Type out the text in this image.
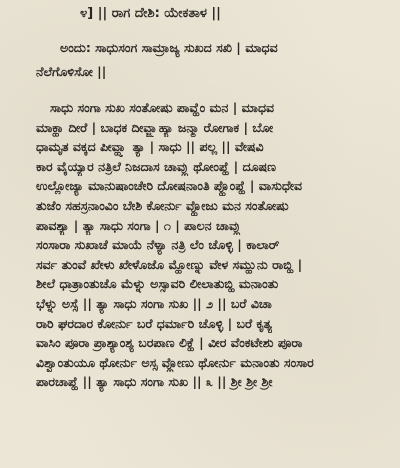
೪] || ರಾಗ ದೇಶಿ: ಯೇಕತಾಳ ||
ಅಂದು: ಸಾಧುಸಂಗ ಸಾಮ್ರಾಜ್ಯ ಸುಖದ ಸಖಿ | ಮಾಧವ
ನೆಲೆಗೊಳಿಸೋ ||
ಸಾಧು ಸಂಗಾ ಸುಖ ಸಂತೋಷು ಪಾವ್ಹೆಂ ಮನ | ಮಾಧವ
ಮಾಕ್ಹಾ ದೀರೆ | ಬಾಧಕ ದೀವ್ಜ್ಯಾಹ್ಯಾ ಜನ್ಮಾ ರೋಗಾಕ | ಬೋ
ಧಾಮೃತ ವಕ್ಕದ ಪೀವ್ಹ್ಯಾ ತ್ಯಾ | ಸಾಧು || ಪಲ್ಲ || ವೇಷವಿ
ಕಾರ ವೈಯ್ಯಾರ ನತ್ರಿಲೆ ನಿಜದಾಸ ಚಾವ್ಹು ಥೋಂಪ್ಹೆ | ದೂಷಣ
ಉಲ್ಲೋಜ್ಯಾ ಮಾನುಷಾಂಚೇರಿ ದೋಷನಾಂತಿ ಪ್ಹೊಂಪ್ಹೆ | ವಾಸುಧೇವ
ತುಜೆಂ ಸಹಸ್ರನಾಂವಿಂ ಬೇಶಿ ಕೋರ್ನು ವ್ಹೋಜು ಮನ ಸಂತೋಷು
ಪಾವಶ್ಯಾ | ತ್ಯಾ ಸಾಧು ಸಂಗಾ | ೧ | ಪಾಲನ ಚಾವ್ಹು
ಸಂಸಾರಾ ಸುಖಾಚೆ ಮಾಯೆ ನೆಳ್ಯಾ ನತ್ರಿ ಲೆಂ ಚೊಳ್ಳಿ | ಕಾಲಾರ್
ಸರ್ವ ತುಂವೆ ಖೇಳು ಖೇಳೊಜೊ ಮ್ಹೋಣ್ನು ವೇಳ ಸಮ್ಹುನು ರಾಬ್ಹಿ |
ಶೀಲೆ ಧಾತ್ರಾಂತುಚೊ ಮೆಳ್ನು ಅಸ್ಸಾವರಿ ಲೀಲಾತುಬ್ಹಿ ಮನಾಂತು
ಭೆಳ್ನು ಅಸ್ಸೆ || ತ್ಯಾ ಸಾಧು ಸಂಗಾ ಸುಖ || ೨ || ಬರೆ ವಿಚಾ
ರಾರಿ ಘರದಾರ ಕೋರ್ನು ಬರೆ ಧರ್ಮಾರಿ ಚೊಳ್ಳಿ | ಬರೆ ಕೃತ್ಯ
ವಾಸಿಂ ಪೂರಾ ಪ್ರಾಶ್ಯಾಂಶ್ಯ ಬರಪಾಣ ಲಿಕ್ಹೆ | ವೀರ ವೆಂಕಟೇಶು ಪೂರಾ
ವಿಶ್ವಾಂತುಯೂ ಥೋರ್ನು ಅಸ್ಸ ವ್ಹೋಣು ಥೋರ್ನು ಮನಾಂತು ಸಂಸಾರ
ಪಾರಚಾಪ್ಹೆ || ತ್ಯಾ ಸಾಧು ಸಂಗಾ ಸುಖ || ೩ || ಶ್ರೀ ಶ್ರೀ ಶ್ರೀ
